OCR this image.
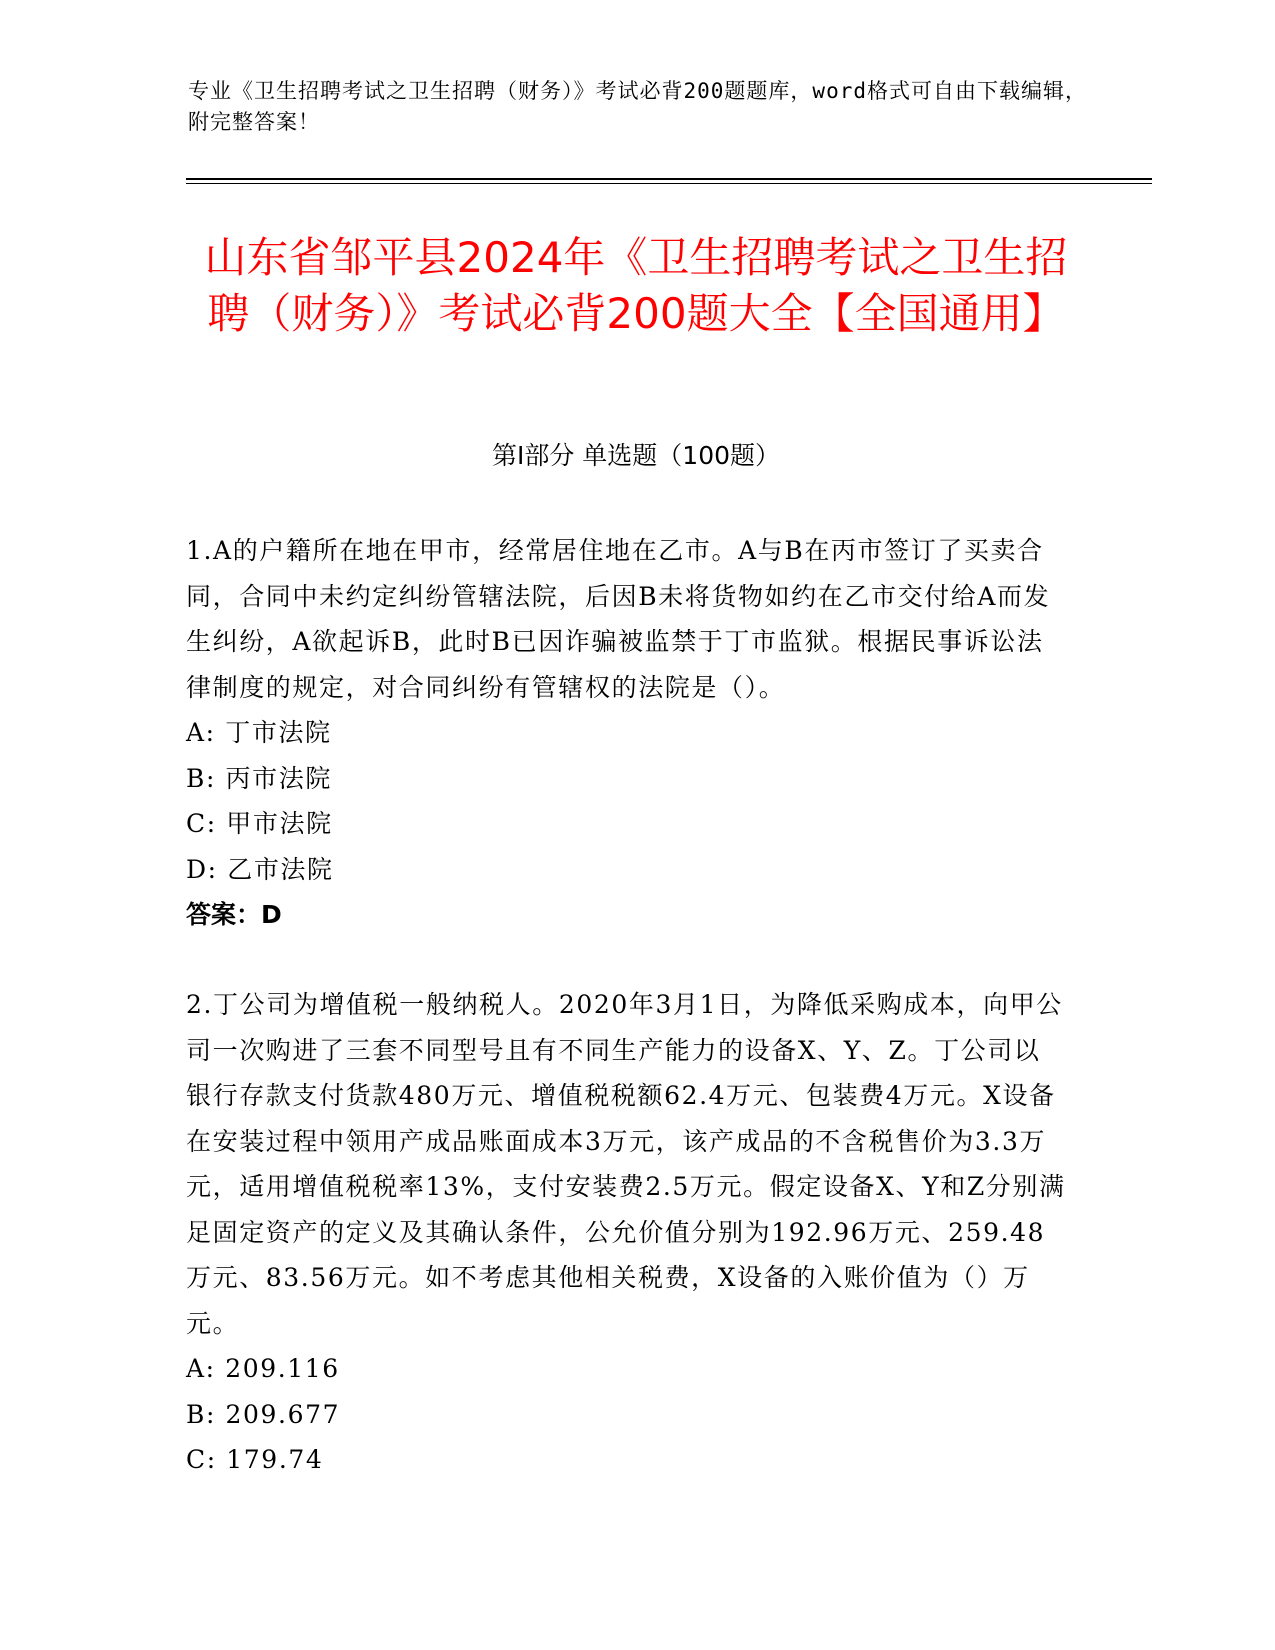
专业《卫生招聘考试之卫生招聘（财务）》考试必背200题题库，word格式可自由下载编辑，附完整答案！
山东省邹平县2024年《卫生招聘考试之卫生招聘（财务）》考试必背200题大全【全国通用】
第Ⅰ部分 单选题（100题）

1.A的户籍所在地在甲市，经常居住地在乙市。A与B在丙市签订了买卖合同，合同中未约定纠纷管辖法院，后因B未将货物如约在乙市交付给A而发生纠纷，A欲起诉B，此时B已因诈骗被监禁于丁市监狱。根据民事诉讼法律制度的规定，对合同纠纷有管辖权的法院是（）。

A: 丁市法院

B: 丙市法院

C: 甲市法院

D: 乙市法院

答案：D

2.丁公司为增值税一般纳税人。2020年3月1日，为降低采购成本，向甲公司一次购进了三套不同型号且有不同生产能力的设备X、Y、Z。丁公司以银行存款支付货款480万元、增值税税额62.4万元、包装费4万元。X设备在安装过程中领用产成品账面成本3万元，该产成品的不含税售价为3.3万元，适用增值税税率13%，支付安装费2.5万元。假定设备X、Y和Z分别满足固定资产的定义及其确认条件，公允价值分别为192.96万元、259.48万元、83.56万元。如不考虑其他相关税费，X设备的入账价值为（）万元。

A: 209.116

B: 209.677

C: 179.74
